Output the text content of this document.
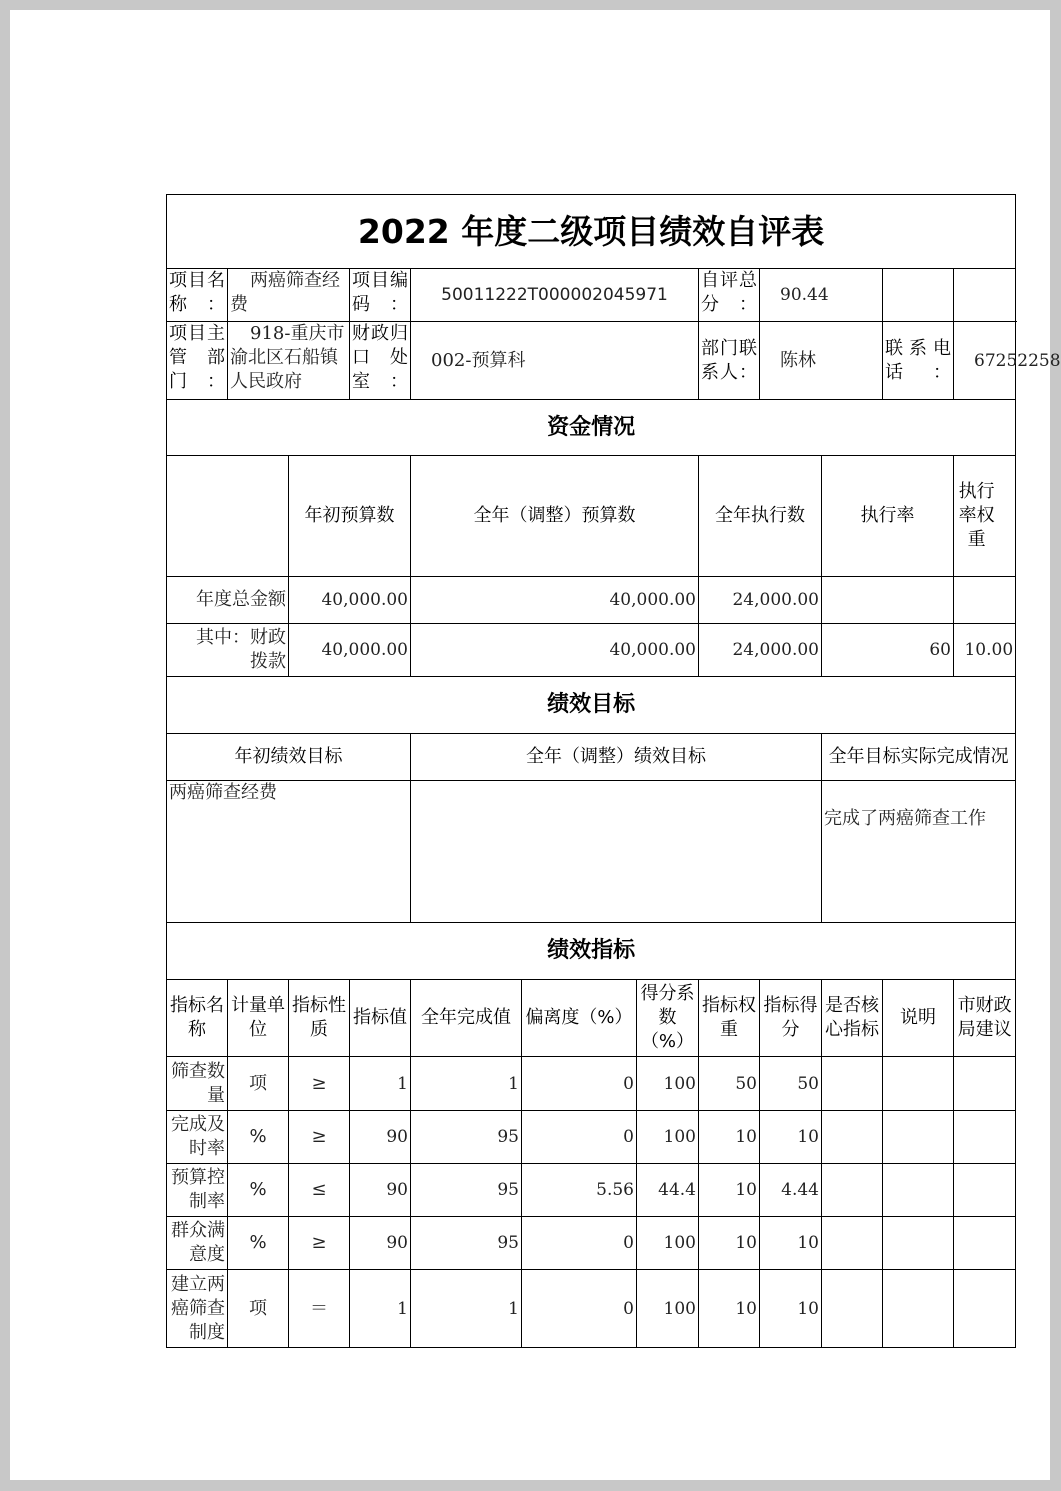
2022 年度二级项目绩效自评表												
项目名称：	两癌筛查经费		项目编码：	50011222T000002045971			自评总分：	90.44				
项目主管部门：	918-重庆市渝北区石船镇人民政府		财政归口处室：	002-预算科			部门联系人：	陈林		联系电话：	67252258	
资金情况												
		年初预算数		全年（调整）预算数			全年执行数		执行率		执行率权重	
年度总金额		40,000.00		40,000.00			24,000.00					
其中：财政拨款		40,000.00		40,000.00			24,000.00		60		10.00	
绩效目标												
年初绩效目标				全年（调整）绩效目标					全年目标实际完成情况			
两癌筛查经费									完成了两癌筛查工作			
绩效指标												
指标名称	计量单位	指标性质	指标值	全年完成值	偏离度（%）	得分系数（%）	指标权重	指标得分	是否核心指标	说明	市财政局建议	
筛查数量	项	≥	1	1	0	100	50	50				
完成及时率	%	≥	90	95	0	100	10	10				
预算控制率	%	≤	90	95	5.56	44.4	10	4.44				
群众满意度	%	≥	90	95	0	100	10	10				
建立两癌筛查制度	项	＝	1	1	0	100	10	10				
